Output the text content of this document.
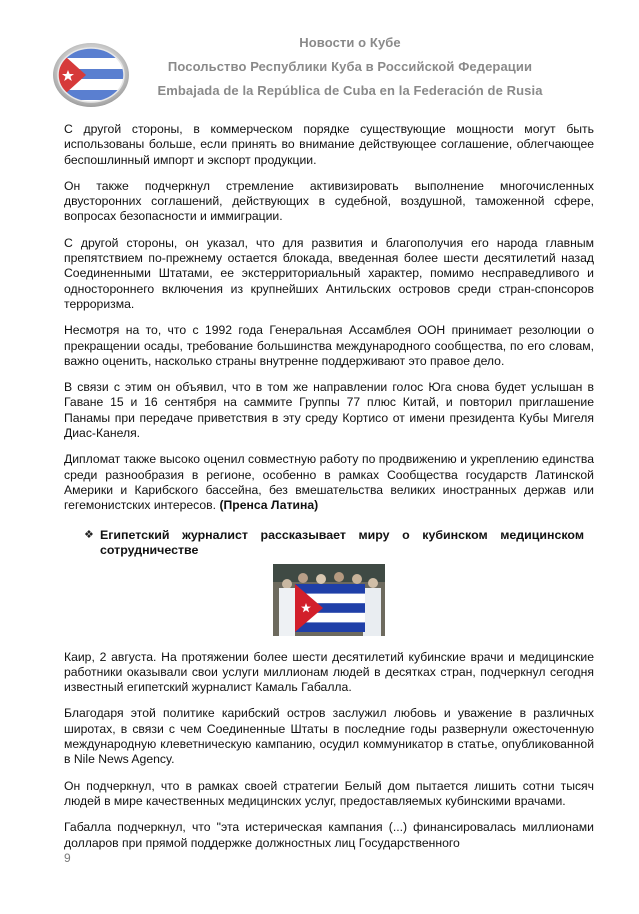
Новости о Кубе
Посольство Республики Куба в Российской Федерации
Embajada de la República de Cuba en la Federación de Rusia

С другой стороны, в коммерческом порядке существующие мощности могут быть использованы больше, если принять во внимание действующее соглашение, облегчающее беспошлинный импорт и экспорт продукции.

Он также подчеркнул стремление активизировать выполнение многочисленных двусторонних соглашений, действующих в судебной, воздушной, таможенной сфере, вопросах безопасности и иммиграции.

С другой стороны, он указал, что для развития и благополучия его народа главным препятствием по-прежнему остается блокада, введенная более шести десятилетий назад Соединенными Штатами, ее экстерриториальный характер, помимо несправедливого и одностороннего включения из крупнейших Антильских островов среди стран-спонсоров терроризма.

Несмотря на то, что с 1992 года Генеральная Ассамблея ООН принимает резолюции о прекращении осады, требование большинства международного сообщества, по его словам, важно оценить, насколько страны внутренне поддерживают это правое дело.

В связи с этим он объявил, что в том же направлении голос Юга снова будет услышан в Гаване 15 и 16 сентября на саммите Группы 77 плюс Китай, и повторил приглашение Панамы при передаче приветствия в эту среду Кортисо от имени президента Кубы Мигеля Диас-Канеля.

Дипломат также высоко оценил совместную работу по продвижению и укреплению единства среди разнообразия в регионе, особенно в рамках Сообщества государств Латинской Америки и Карибского бассейна, без вмешательства великих иностранных держав или гегемонистских интересов. (Пренса Латина)

❖ Египетский журналист рассказывает миру о кубинском медицинском сотрудничестве

Каир, 2 августа. На протяжении более шести десятилетий кубинские врачи и медицинские работники оказывали свои услуги миллионам людей в десятках стран, подчеркнул сегодня известный египетский журналист Камаль Габалла.

Благодаря этой политике карибский остров заслужил любовь и уважение в различных широтах, в связи с чем Соединенные Штаты в последние годы развернули ожесточенную международную клеветническую кампанию, осудил коммуникатор в статье, опубликованной в Nile News Agency.

Он подчеркнул, что в рамках своей стратегии Белый дом пытается лишить сотни тысяч людей в мире качественных медицинских услуг, предоставляемых кубинскими врачами.

Габалла подчеркнул, что "эта истерическая кампания (...) финансировалась миллионами долларов при прямой поддержке должностных лиц Государственного

9
